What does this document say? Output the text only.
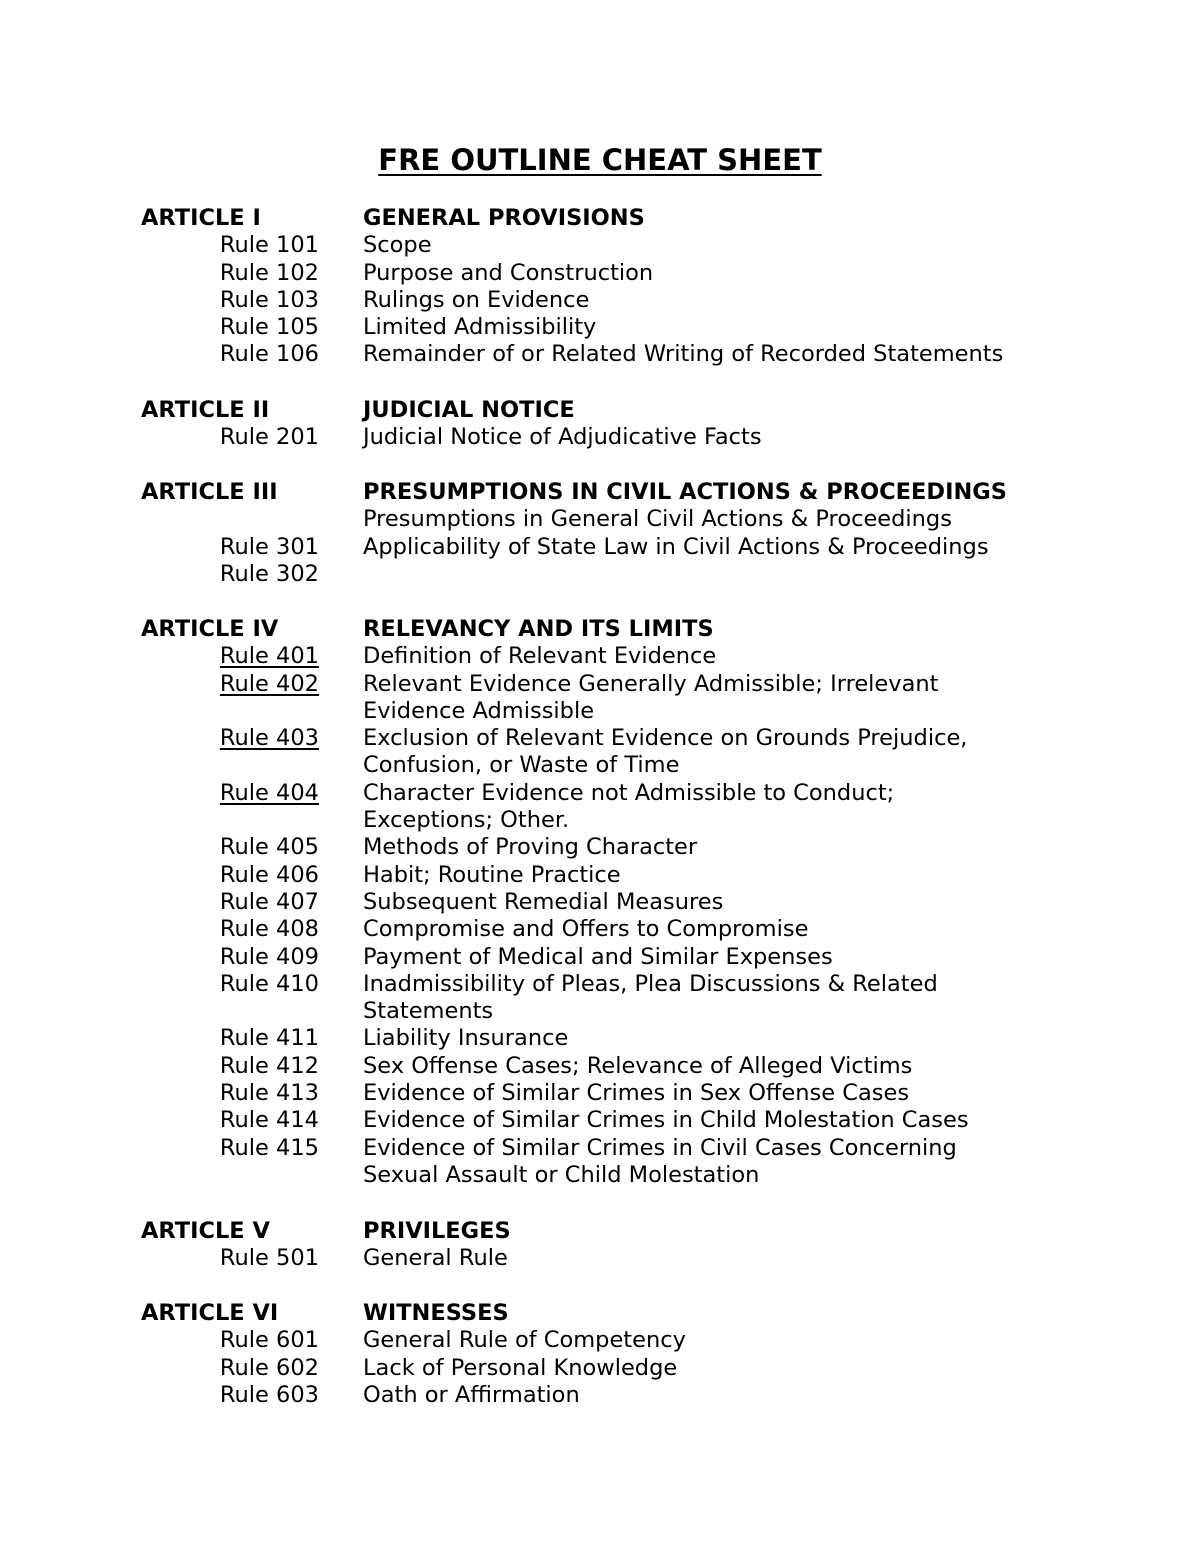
FRE OUTLINE CHEAT SHEET
ARTICLE I	GENERAL PROVISIONS
Rule 101 Scope
Rule 102 Purpose and Construction
Rule 103 Rulings on Evidence
Rule 105 Limited Admissibility
Rule 106 Remainder of or Related Writing of Recorded Statements
ARTICLE II	JUDICIAL NOTICE
Rule 201 Judicial Notice of Adjudicative Facts
ARTICLE III	PRESUMPTIONS IN CIVIL ACTIONS & PROCEEDINGS
Presumptions in General Civil Actions & Proceedings
Rule 301 Applicability of State Law in Civil Actions & Proceedings
Rule 302
ARTICLE IV	RELEVANCY AND ITS LIMITS
Rule 401 Definition of Relevant Evidence
Rule 402 Relevant Evidence Generally Admissible; Irrelevant
Evidence Admissible
Rule 403 Exclusion of Relevant Evidence on Grounds Prejudice,
Confusion, or Waste of Time
Rule 404 Character Evidence not Admissible to Conduct;
Exceptions; Other.
Rule 405 Methods of Proving Character
Rule 406 Habit; Routine Practice
Rule 407 Subsequent Remedial Measures
Rule 408 Compromise and Offers to Compromise
Rule 409 Payment of Medical and Similar Expenses
Rule 410 Inadmissibility of Pleas, Plea Discussions & Related
Statements
Rule 411 Liability Insurance
Rule 412 Sex Offense Cases; Relevance of Alleged Victims
Rule 413 Evidence of Similar Crimes in Sex Offense Cases
Rule 414 Evidence of Similar Crimes in Child Molestation Cases
Rule 415 Evidence of Similar Crimes in Civil Cases Concerning
Sexual Assault or Child Molestation
ARTICLE V	PRIVILEGES
Rule 501 General Rule
ARTICLE VI	WITNESSES
Rule 601 General Rule of Competency
Rule 602 Lack of Personal Knowledge
Rule 603 Oath or Affirmation
